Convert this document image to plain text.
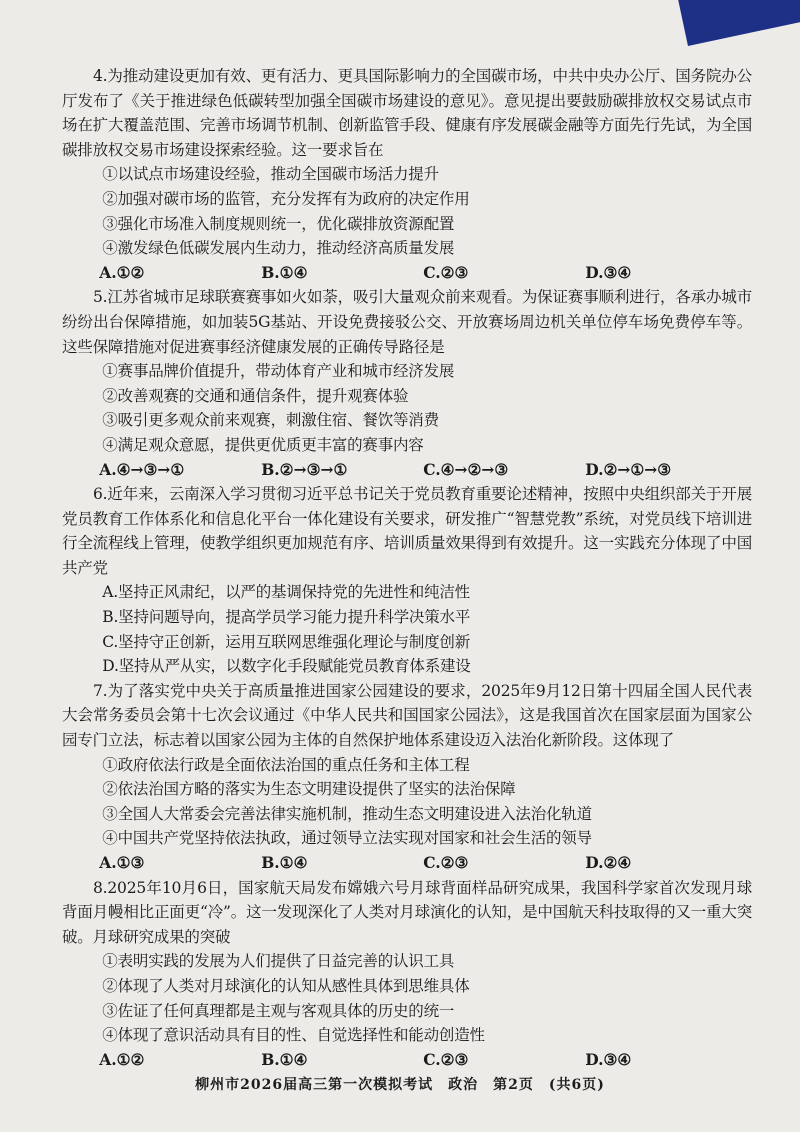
4.为推动建设更加有效、更有活力、更具国际影响力的全国碳市场，中共中央办公厅、国务院办公厅发布了《关于推进绿色低碳转型加强全国碳市场建设的意见》。意见提出要鼓励碳排放权交易试点市场在扩大覆盖范围、完善市场调节机制、创新监管手段、健康有序发展碳金融等方面先行先试，为全国碳排放权交易市场建设探索经验。这一要求旨在
①以试点市场建设经验，推动全国碳市场活力提升
②加强对碳市场的监管，充分发挥有为政府的决定作用
③强化市场准入制度规则统一，优化碳排放资源配置
④激发绿色低碳发展内生动力，推动经济高质量发展
A.①②	B.①④	C.②③	D.③④
5.江苏省城市足球联赛赛事如火如荼，吸引大量观众前来观看。为保证赛事顺利进行，各承办城市纷纷出台保障措施，如加装5G基站、开设免费接驳公交、开放赛场周边机关单位停车场免费停车等。这些保障措施对促进赛事经济健康发展的正确传导路径是
①赛事品牌价值提升，带动体育产业和城市经济发展
②改善观赛的交通和通信条件，提升观赛体验
③吸引更多观众前来观赛，刺激住宿、餐饮等消费
④满足观众意愿，提供更优质更丰富的赛事内容
A.④→③→①	B.②→③→①	C.④→②→③	D.②→①→③
6.近年来，云南深入学习贯彻习近平总书记关于党员教育重要论述精神，按照中央组织部关于开展党员教育工作体系化和信息化平台一体化建设有关要求，研发推广“智慧党教”系统，对党员线下培训进行全流程线上管理，使教学组织更加规范有序、培训质量效果得到有效提升。这一实践充分体现了中国共产党
A.坚持正风肃纪，以严的基调保持党的先进性和纯洁性
B.坚持问题导向，提高学员学习能力提升科学决策水平
C.坚持守正创新，运用互联网思维强化理论与制度创新
D.坚持从严从实，以数字化手段赋能党员教育体系建设
7.为了落实党中央关于高质量推进国家公园建设的要求，2025年9月12日第十四届全国人民代表大会常务委员会第十七次会议通过《中华人民共和国国家公园法》，这是我国首次在国家层面为国家公园专门立法，标志着以国家公园为主体的自然保护地体系建设迈入法治化新阶段。这体现了
①政府依法行政是全面依法治国的重点任务和主体工程
②依法治国方略的落实为生态文明建设提供了坚实的法治保障
③全国人大常委会完善法律实施机制，推动生态文明建设进入法治化轨道
④中国共产党坚持依法执政，通过领导立法实现对国家和社会生活的领导
A.①③	B.①④	C.②③	D.②④
8.2025年10月6日，国家航天局发布嫦娥六号月球背面样品研究成果，我国科学家首次发现月球背面月幔相比正面更“冷”。这一发现深化了人类对月球演化的认知，是中国航天科技取得的又一重大突破。月球研究成果的突破
①表明实践的发展为人们提供了日益完善的认识工具
②体现了人类对月球演化的认知从感性具体到思维具体
③佐证了任何真理都是主观与客观具体的历史的统一
④体现了意识活动具有目的性、自觉选择性和能动创造性
A.①②	B.①④	C.②③	D.③④
柳州市2026届高三第一次模拟考试　政治　第2页　(共6页)
